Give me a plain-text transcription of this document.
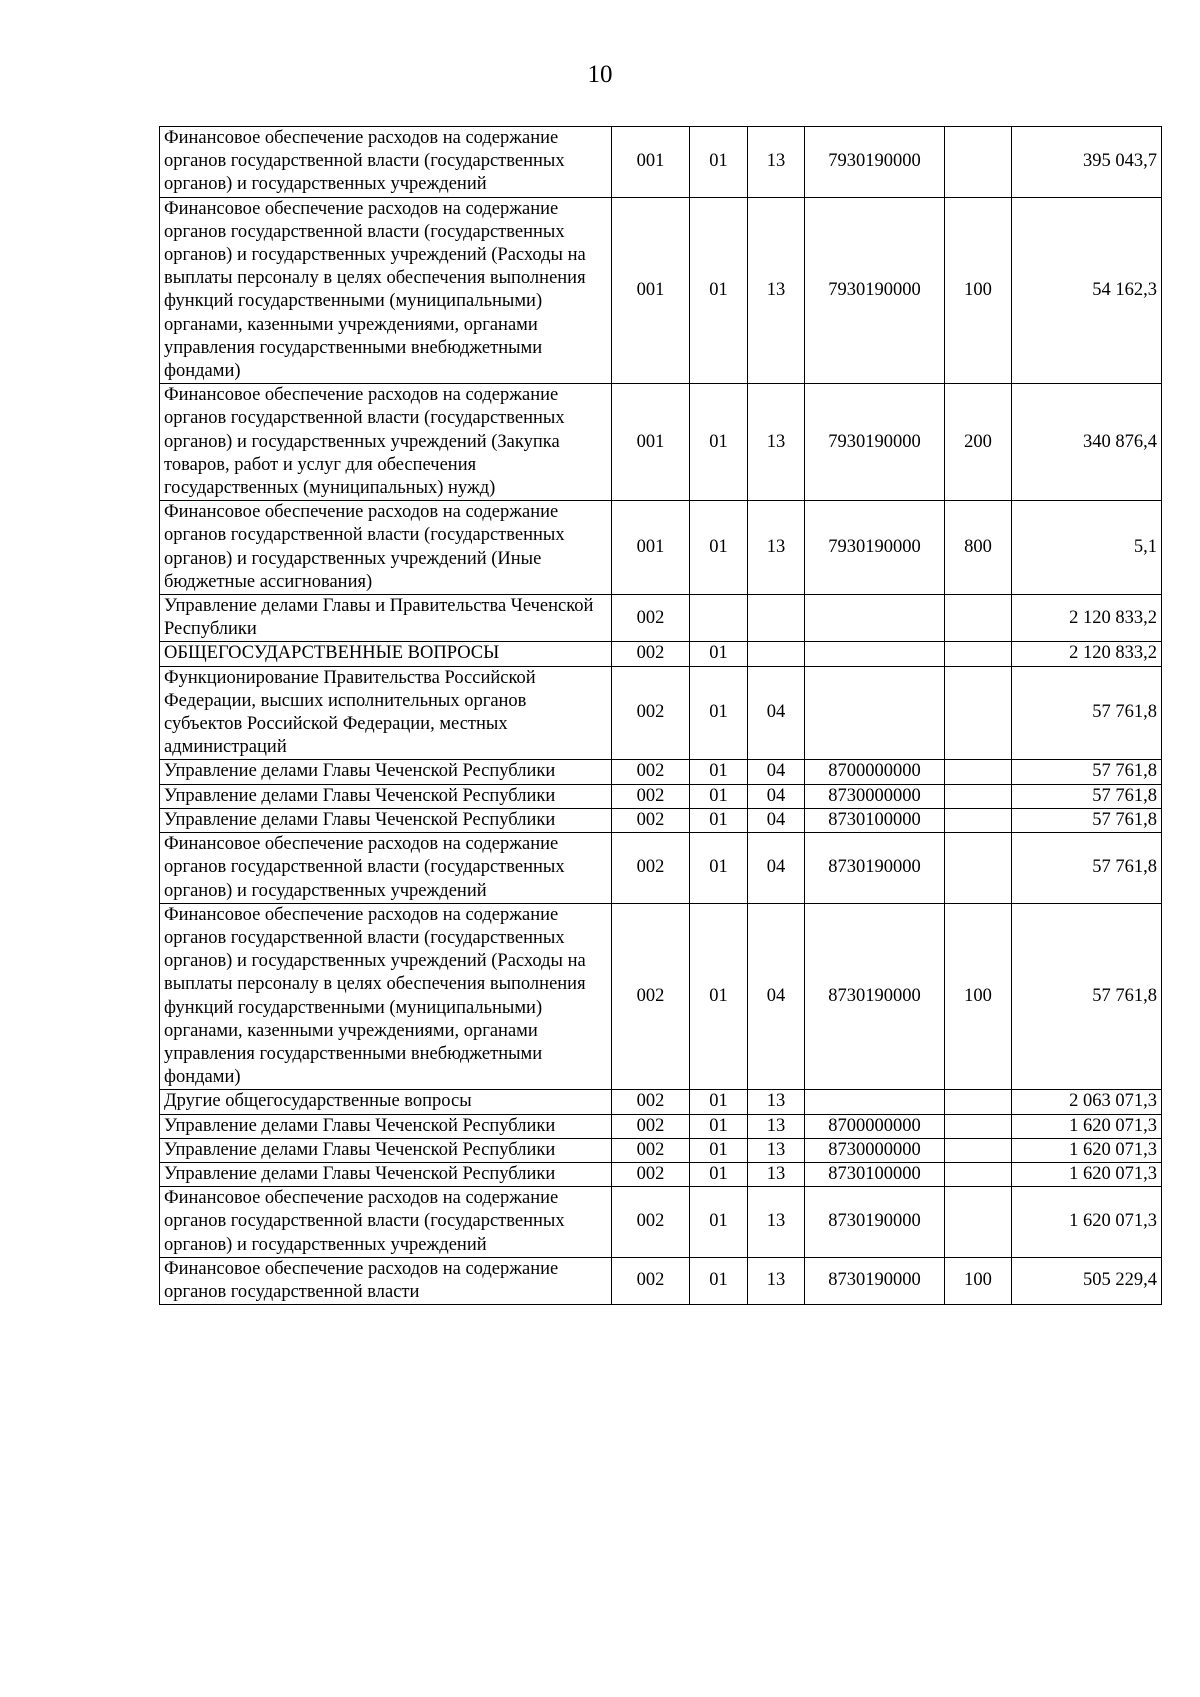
10
Финансовое обеспечение расходов на содержание органов государственной власти (государственных органов) и государственных учреждений	001	01	13	7930190000		395 043,7
Финансовое обеспечение расходов на содержание органов государственной власти (государственных органов) и государственных учреждений (Расходы на выплаты персоналу в целях обеспечения выполнения функций государственными (муниципальными) органами, казенными учреждениями, органами управления государственными внебюджетными фондами)	001	01	13	7930190000	100	54 162,3
Финансовое обеспечение расходов на содержание органов государственной власти (государственных органов) и государственных учреждений (Закупка товаров, работ и услуг для обеспечения государственных (муниципальных) нужд)	001	01	13	7930190000	200	340 876,4
Финансовое обеспечение расходов на содержание органов государственной власти (государственных органов) и государственных учреждений (Иные бюджетные ассигнования)	001	01	13	7930190000	800	5,1
Управление делами Главы и Правительства Чеченской Республики	002					2 120 833,2
ОБЩЕГОСУДАРСТВЕННЫЕ ВОПРОСЫ	002	01				2 120 833,2
Функционирование Правительства Российской Федерации, высших исполнительных органов субъектов Российской Федерации, местных администраций	002	01	04			57 761,8
Управление делами Главы Чеченской Республики	002	01	04	8700000000		57 761,8
Управление делами Главы Чеченской Республики	002	01	04	8730000000		57 761,8
Управление делами Главы Чеченской Республики	002	01	04	8730100000		57 761,8
Финансовое обеспечение расходов на содержание органов государственной власти (государственных органов) и государственных учреждений	002	01	04	8730190000		57 761,8
Финансовое обеспечение расходов на содержание органов государственной власти (государственных органов) и государственных учреждений (Расходы на выплаты персоналу в целях обеспечения выполнения функций государственными (муниципальными) органами, казенными учреждениями, органами управления государственными внебюджетными фондами)	002	01	04	8730190000	100	57 761,8
Другие общегосударственные вопросы	002	01	13			2 063 071,3
Управление делами Главы Чеченской Республики	002	01	13	8700000000		1 620 071,3
Управление делами Главы Чеченской Республики	002	01	13	8730000000		1 620 071,3
Управление делами Главы Чеченской Республики	002	01	13	8730100000		1 620 071,3
Финансовое обеспечение расходов на содержание органов государственной власти (государственных органов) и государственных учреждений	002	01	13	8730190000		1 620 071,3
Финансовое обеспечение расходов на содержание органов государственной власти	002	01	13	8730190000	100	505 229,4
